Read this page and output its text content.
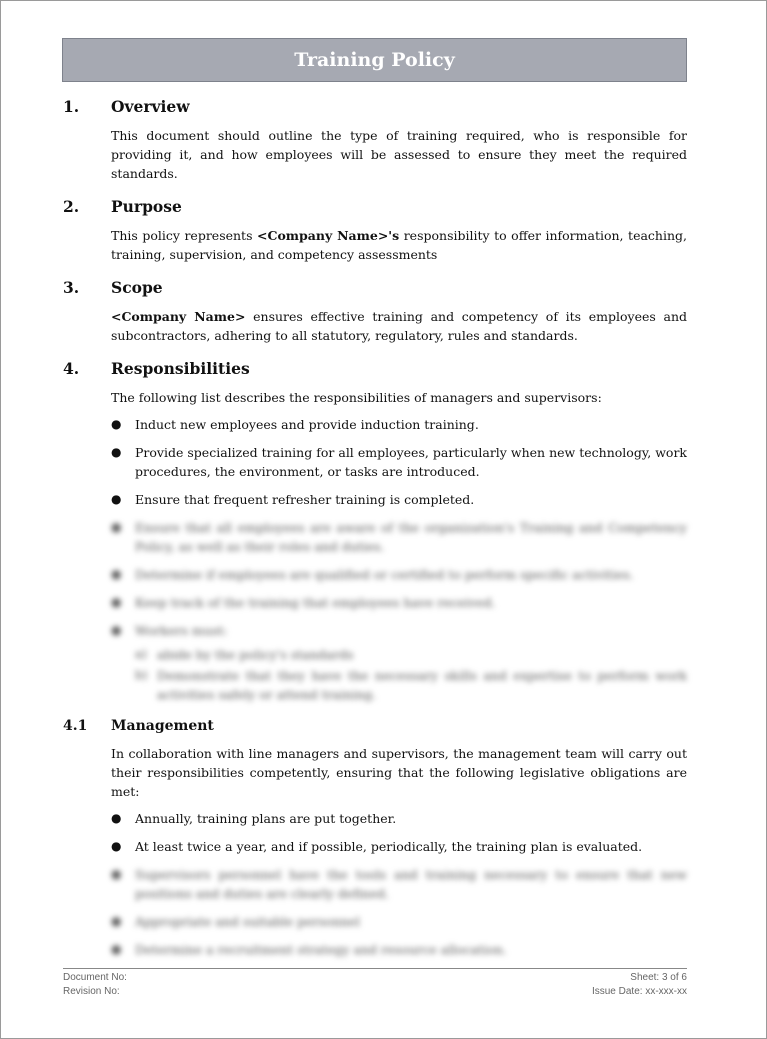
Training Policy
1.	Overview
This document should outline the type of training required, who is responsible for providing it, and how employees will be assessed to ensure they meet the required standards.
2.	Purpose
This policy represents <Company Name>'s responsibility to offer information, teaching, training, supervision, and competency assessments
3.	Scope
<Company Name> ensures effective training and competency of its employees and subcontractors, adhering to all statutory, regulatory, rules and standards.
4.	Responsibilities
The following list describes the responsibilities of managers and supervisors:
●	Induct new employees and provide induction training.
●	Provide specialized training for all employees, particularly when new technology, work procedures, the environment, or tasks are introduced.
●	Ensure that frequent refresher training is completed.
●	Ensure that all employees are aware of the organization's Training and Competency Policy, as well as their roles and duties.
●	Determine if employees are qualified or certified to perform specific activities.
●	Keep track of the training that employees have received.
●	Workers must:
a) abide by the policy's standards
b) Demonstrate that they have the necessary skills and expertise to perform work activities safely or attend training.
4.1	Management
In collaboration with line managers and supervisors, the management team will carry out their responsibilities competently, ensuring that the following legislative obligations are met:
●	Annually, training plans are put together.
●	At least twice a year, and if possible, periodically, the training plan is evaluated.
●	Supervisors personnel have the tools and training necessary to ensure that new positions and duties are clearly defined.
●	Appropriate and suitable personnel
●	Determine a recruitment strategy and resource allocation.
Document No:	Sheet: 3 of 6
Revision No:	Issue Date: xx-xxx-xx
